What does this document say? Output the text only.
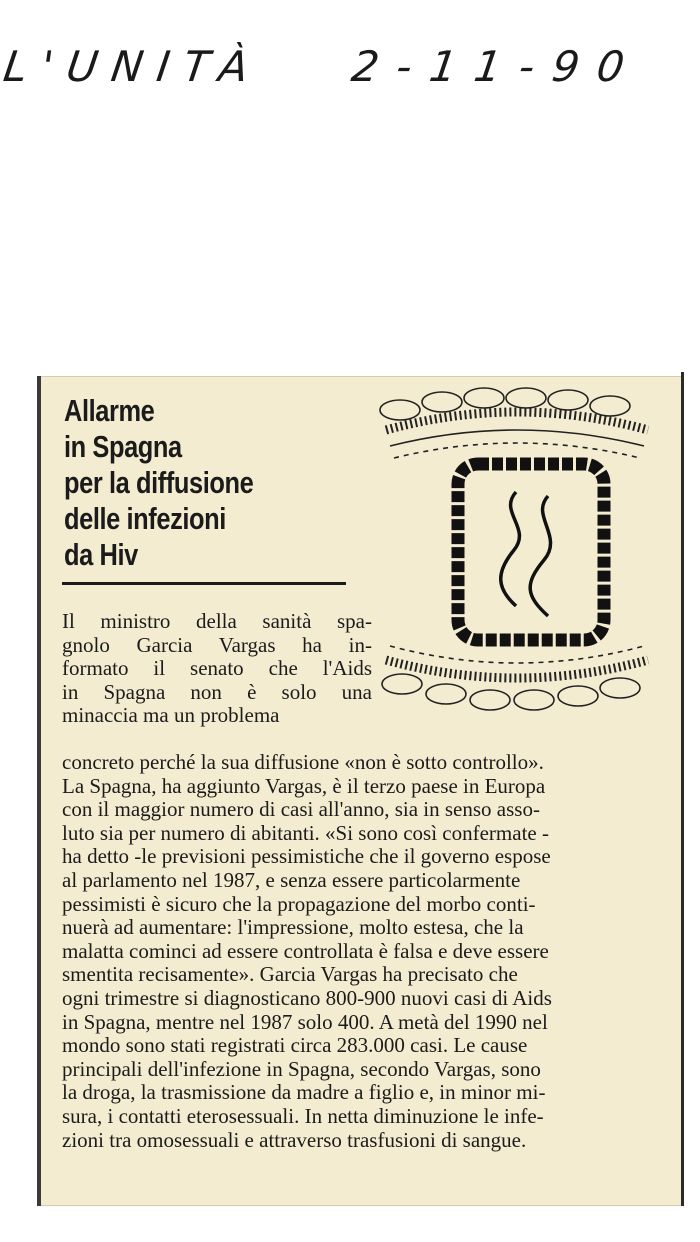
L'UNITÀ 2-11-90
Allarme
in Spagna
per la diffusione
delle infezioni
da Hiv
Il ministro della sanità spa-
gnolo Garcia Vargas ha in-
formato il senato che l'Aids
in Spagna non è solo una
minaccia ma un problema
concreto perché la sua diffusione «non è sotto controllo».
La Spagna, ha aggiunto Vargas, è il terzo paese in Europa
con il maggior numero di casi all'anno, sia in senso asso-
luto sia per numero di abitanti. «Si sono così confermate -
ha detto -le previsioni pessimistiche che il governo espose
al parlamento nel 1987, e senza essere particolarmente
pessimisti è sicuro che la propagazione del morbo conti-
nuerà ad aumentare: l'impressione, molto estesa, che la
malatta cominci ad essere controllata è falsa e deve essere
smentita recisamente». Garcia Vargas ha precisato che
ogni trimestre si diagnosticano 800-900 nuovi casi di Aids
in Spagna, mentre nel 1987 solo 400. A metà del 1990 nel
mondo sono stati registrati circa 283.000 casi. Le cause
principali dell'infezione in Spagna, secondo Vargas, sono
la droga, la trasmissione da madre a figlio e, in minor mi-
sura, i contatti eterosessuali. In netta diminuzione le infe-
zioni tra omosessuali e attraverso trasfusioni di sangue.
